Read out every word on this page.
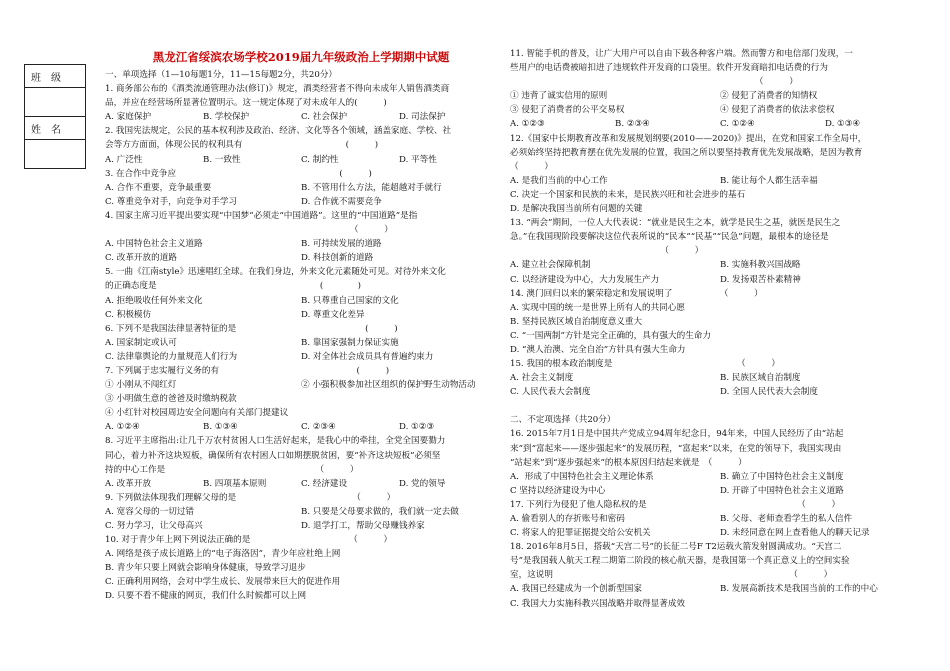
班　级

姓　名

黑龙江省绥滨农场学校2019届九年级政治上学期期中试题
一、单项选择（1—10每题1分，11—15每题2分，共20分）
1. 商务部公布的《酒类流通管理办法(修订)》规定，酒类经营者不得向未成年人销售酒类商
品，并应在经营场所显著位置明示。这一规定体现了对未成年人的(　　　)
A. 家庭保护	B. 学校保护	C. 社会保护	D. 司法保护
2. 我国宪法规定，公民的基本权利涉及政治、经济、文化等各个领域，涵盖家庭、学校、社
会等方方面面，体现公民的权利具有　　　　　　　　　　　　(　　　)
A. 广泛性	B. 一致性	C. 制约性	D. 平等性
3. 在合作中竞争应　　　　　　　　　　　　　　　　　　　(　　　)
A. 合作不重要，竞争最重要	B. 不管用什么方法，能超越对手就行
C. 尊重竞争对手，向竞争对手学习	D. 合作就不需要竞争
4. 国家主席习近平提出要实现“中国梦”必须走“中国道路”。这里的“中国道路”是指
　　　　　　　　　　　　　　　　　　　　　　　　　　　　　（　　　）
A. 中国特色社会主义道路	B. 可持续发展的道路
C. 改革开放的道路	D. 科技创新的道路
5. 一曲《江南style》迅速唱红全球。在我们身边，外来文化元素随处可见。对待外来文化
的正确态度是　　　　　　　　　　　　　　　　　　　(　　　　)
A. 拒绝吸收任何外来文化	B. 只尊重自己国家的文化
C. 积极模仿	D. 尊重文化差异
6. 下列不是我国法律显著特征的是　　　　　　　　　　　　　　　(　　　)
A. 国家制定或认可	B. 靠国家强制力保证实施
C. 法律靠舆论的力量规范人们行为	D. 对全体社会成员具有普遍约束力
7. 下列属于忠实履行义务的有　　　　　　　　　　　　　　　　(　　　)
① 小刚从不闯红灯	② 小强积极参加社区组织的保护野生动物活动
③ 小明做生意的爸爸及时缴纳税款
④ 小红针对校园周边安全问题向有关部门提建议
A. ①②④	B. ①③④	C. ②③④	D. ①②③
8. 习近平主席指出:让几千万农村贫困人口生活好起来，是我心中的牵挂，全党全国要勠力
同心，着力补齐这块短板，确保所有农村困人口如期摆脱贫困，要“补齐这块短板”必须坚
持的中心工作是　　　　　　　　　　　　　　　　　　（　　　）
A. 改革开放	B. 四项基本原则	C. 经济建设	D. 党的领导
9. 下列做法体现我们理解父母的是　　　　　　　　　　　　　　（　　　）
A. 宽容父母的一切过错	B. 只要是父母要求做的，我们就一定去做
C. 努力学习，让父母高兴	D. 退学打工，帮助父母赚钱养家
10. 对于青少年上网下列说法正确的是　　　　　　　　　　　　（　　　）
A. 网络是孩子成长道路上的“电子海洛因”，青少年应杜绝上网
B. 青少年只要上网就会影响身体健康，导致学习退步
C. 正确利用网络，会对中学生成长、发展带来巨大的促进作用
D. 只要不看不健康的网页，我们什么时候都可以上网
11. 智能手机的普及，让广大用户可以自由下载各种客户端。然而警方和电信部门发现，一
些用户的电话费被暗扣进了违规软件开发商的口袋里。软件开发商暗扣电话费的行为
　　　　　　　　　　　　　　　　　　　　　　　　　　　　　（　　　）
① 违背了诚实信用的原则	② 侵犯了消费者的知情权
③ 侵犯了消费者的公平交易权	④ 侵犯了消费者的依法求偿权
A. ①②③	B. ②③④	C. ①②④	D. ①③④
12.《国家中长期教育改革和发展规划纲要(2010——2020)》提出，在党和国家工作全局中，
必须始终坚持把教育摆在优先发展的位置，我国之所以要坚持教育优先发展战略，是因为教育
（　　　）
A. 是我们当前的中心工作	B. 能让每个人都生活幸福
C. 决定一个国家和民族的未来，是民族兴旺和社会进步的基石
D. 是解决我国当前所有问题的关键
13. “两会”期间，一位人大代表说：“就业是民生之本，就学是民生之基，就医是民生之
急。”在我国现阶段要解决这位代表所说的“民本”“民基”“民急”问题，最根本的途径是
　　　　　　　　　　　　　　　　　　（　　　）
A. 建立社会保障机制	B. 实施科教兴国战略
C. 以经济建设为中心，大力发展生产力	D. 发扬艰苦朴素精神
14. 澳门回归以来的繁荣稳定和发展说明了　　　　　　（　　　）
A. 实现中国的统一是世界上所有人的共同心愿
B. 坚持民族区域自治制度意义重大
C. “一国两制”方针是完全正确的，具有强大的生命力
D. “澳人治澳、完全自治”方针具有强大生命力
15. 我国的根本政治制度是　　　　　　　　　　　　　　　（　　　）
A. 社会主义制度	B. 民族区域自治制度
C. 人民代表大会制度	D. 全国人民代表大会制度
二、不定项选择（共20分）
16. 2015年7月1日是中国共产党成立94周年纪念日，94年来，中国人民经历了由“站起
来”到“富起来——逐步强起来”的发展历程，“富起来”以来，在党的领导下，我国实现由
“站起来”到“逐步强起来”的根本原因归结起来就是　（　　　）
A．形成了中国特色社会主义理论体系	B. 确立了中国特色社会主义制度
C 坚持以经济建设为中心	D. 开辟了中国特色社会主义道路
17. 下列行为侵犯了他人隐私权的是　　　　　　　　　　　　　　　　　　（　　　）
A. 偷看别人的存折账号和密码	B. 父母、老师查看学生的私人信件
C. 将家人的犯罪证据提交给公安机关	D. 未经同意在网上查看他人的聊天记录
18. 2016年8月5日，搭载“天宫二号”的长征二号F T2运载火箭发射圆满成功。“天宫二
号”是我国载人航天工程二期第二阶段的核心航天器，是我国第一个真正意义上的空间实验
室，这说明　　　　　　　　　　　　　　　　　　　　　　　　　　　　（　　　）
A. 我国已经建成为一个创新型国家	B. 发展高新技术是我国当前的工作的中心
C. 我国大力实施科教兴国战略并取得显著成效
